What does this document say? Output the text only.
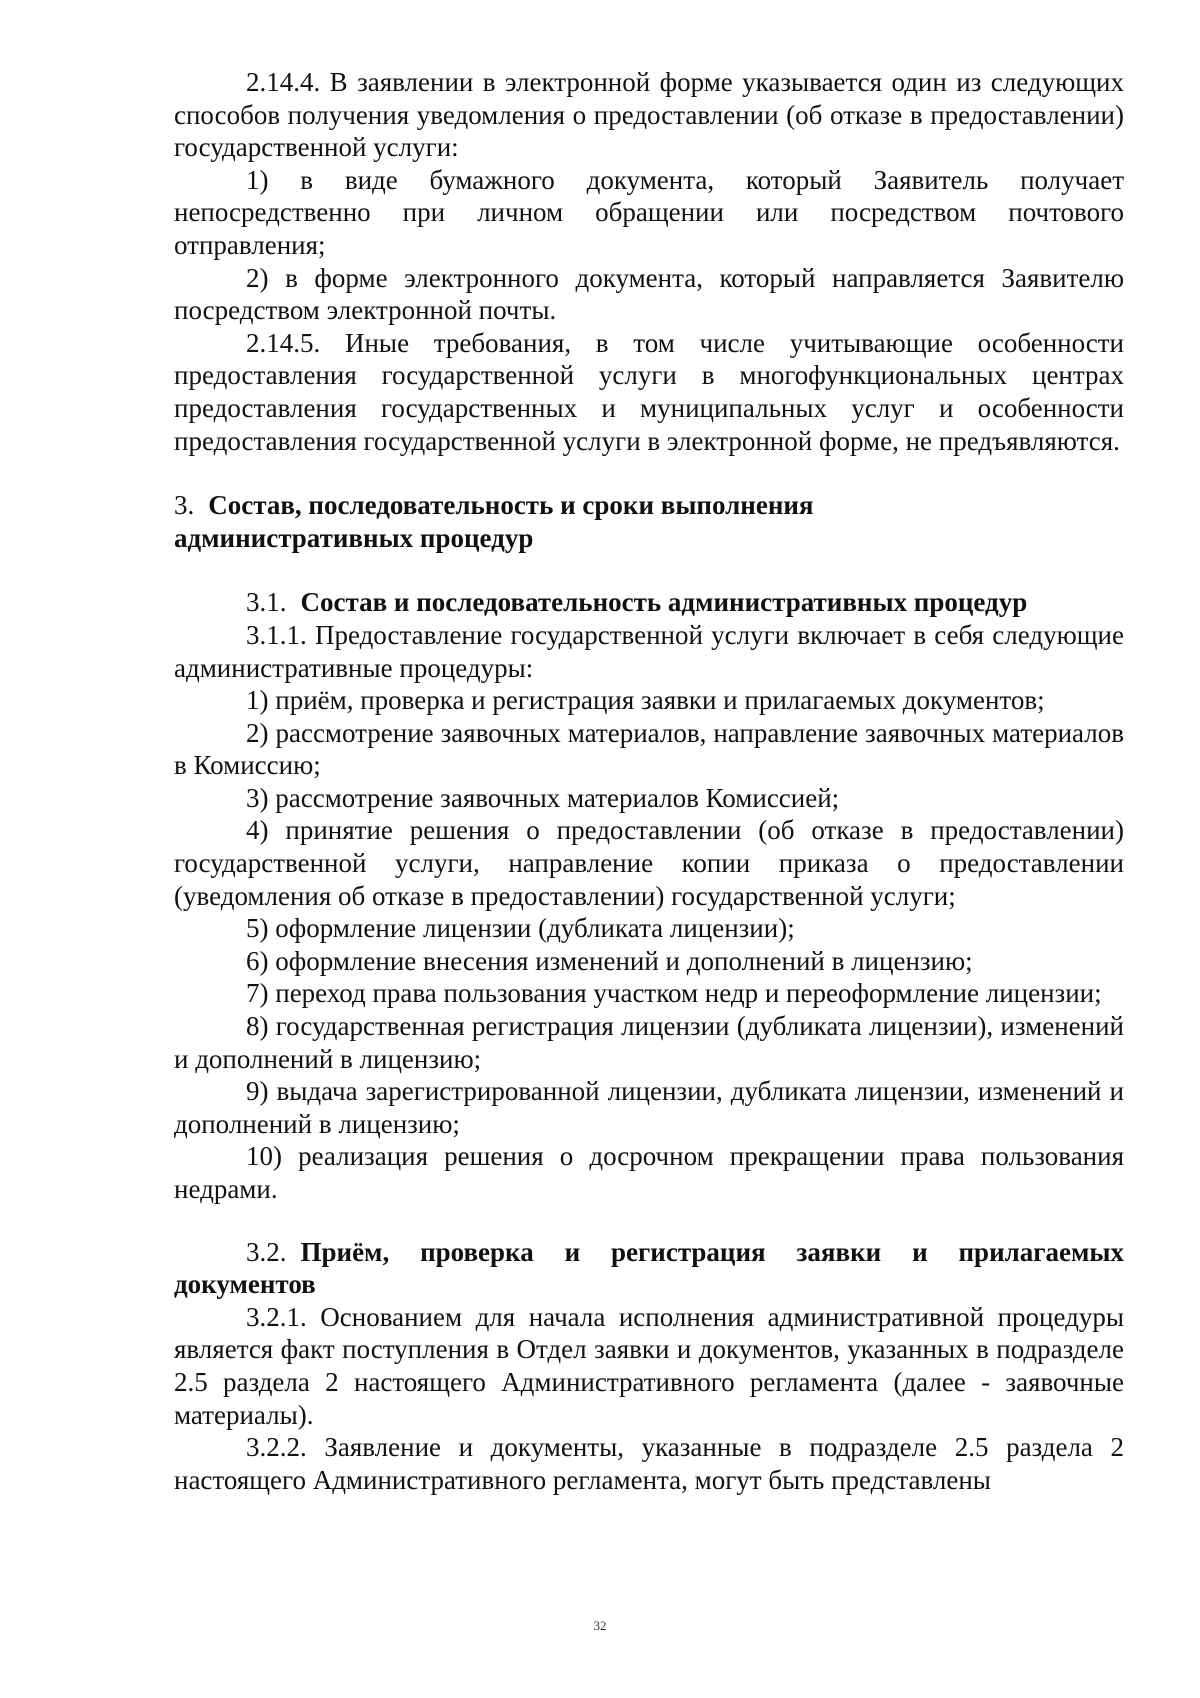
2.14.4. В заявлении в электронной форме указывается один из следующих способов получения уведомления о предоставлении (об отказе в предоставлении) государственной услуги:

1) в виде бумажного документа, который Заявитель получает непосредственно при личном обращении или посредством почтового отправления;

2) в форме электронного документа, который направляется Заявителю посредством электронной почты.

2.14.5. Иные требования, в том числе учитывающие особенности предоставления государственной услуги в многофункциональных центрах предоставления государственных и муниципальных услуг и особенности предоставления государственной услуги в электронной форме, не предъявляются.

3. Состав, последовательность и сроки выполнения
административных процедур

3.1. Состав и последовательность административных процедур

3.1.1. Предоставление государственной услуги включает в себя следующие административные процедуры:

1) приём, проверка и регистрация заявки и прилагаемых документов;

2) рассмотрение заявочных материалов, направление заявочных материалов в Комиссию;

3) рассмотрение заявочных материалов Комиссией;

4) принятие решения о предоставлении (об отказе в предоставлении) государственной услуги, направление копии приказа о предоставлении (уведомления об отказе в предоставлении) государственной услуги;

5) оформление лицензии (дубликата лицензии);

6) оформление внесения изменений и дополнений в лицензию;

7) переход права пользования участком недр и переоформление лицензии;

8) государственная регистрация лицензии (дубликата лицензии), изменений и дополнений в лицензию;

9) выдача зарегистрированной лицензии, дубликата лицензии, изменений и дополнений в лицензию;

10) реализация решения о досрочном прекращении права пользования недрами.

3.2. Приём, проверка и регистрация заявки и прилагаемых документов

3.2.1. Основанием для начала исполнения административной процедуры является факт поступления в Отдел заявки и документов, указанных в подразделе 2.5 раздела 2 настоящего Административного регламента (далее - заявочные материалы).

3.2.2. Заявление и документы, указанные в подразделе 2.5 раздела 2 настоящего Административного регламента, могут быть представлены

32
